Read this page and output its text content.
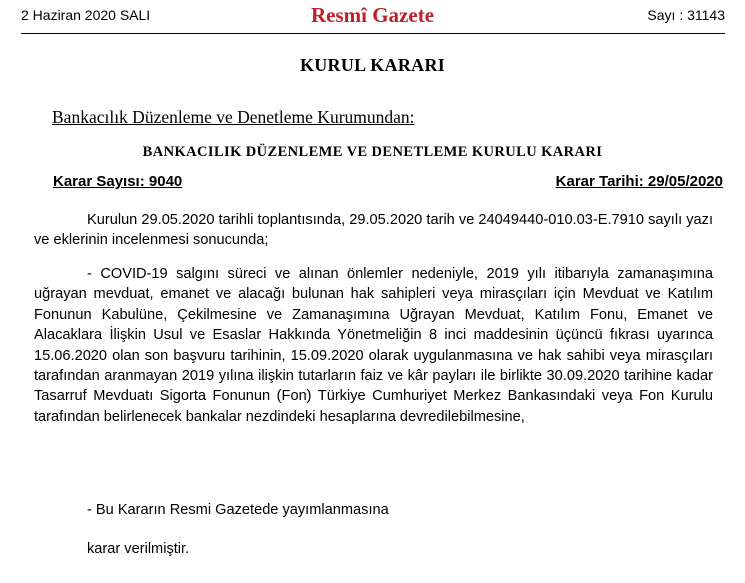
2 Haziran 2020 SALI	Resmî Gazete	Sayı : 31143
KURUL KARARI
Bankacılık Düzenleme ve Denetleme Kurumundan:
BANKACILIK DÜZENLEME VE DENETLEME KURULU KARARI
Karar Sayısı: 9040	Karar Tarihi: 29/05/2020
Kurulun 29.05.2020 tarihli toplantısında, 29.05.2020 tarih ve 24049440-010.03-E.7910 sayılı yazı ve eklerinin incelenmesi sonucunda;
- COVID-19 salgını süreci ve alınan önlemler nedeniyle, 2019 yılı itibarıyla zamanaşımına uğrayan mevduat, emanet ve alacağı bulunan hak sahipleri veya mirasçıları için Mevduat ve Katılım Fonunun Kabulüne, Çekilmesine ve Zamanaşımına Uğrayan Mevduat, Katılım Fonu, Emanet ve Alacaklara İlişkin Usul ve Esaslar Hakkında Yönetmeliğin 8 inci maddesinin üçüncü fıkrası uyarınca 15.06.2020 olan son başvuru tarihinin, 15.09.2020 olarak uygulanmasına ve hak sahibi veya mirasçıları tarafından aranmayan 2019 yılına ilişkin tutarların faiz ve kâr payları ile birlikte 30.09.2020 tarihine kadar Tasarruf Mevduatı Sigorta Fonunun (Fon) Türkiye Cumhuriyet Merkez Bankasındaki veya Fon Kurulu tarafından belirlenecek bankalar nezdindeki hesaplarına devredilebilmesine,
- Bu Kararın Resmi Gazetede yayımlanmasına
karar verilmiştir.
